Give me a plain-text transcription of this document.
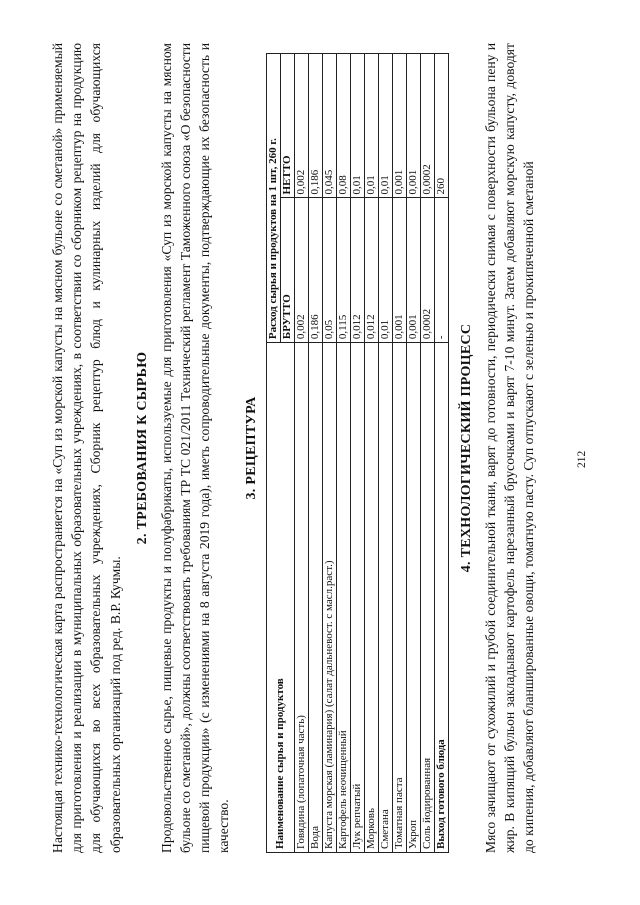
Настоящая технико-технологическая карта распространяется на «Суп из морской капусты на мясном бульоне со сметаной» применяемый для приготовления и реализации в муниципальных образовательных учреждениях, в соответствии со сборником рецептур на продукцию для обучающихся во всех образовательных учреждениях, Сборник рецептур блюд и кулинарных изделий для обучающихся образовательных организаций под ред. В.Р. Кучмы.

2. ТРЕБОВАНИЯ К СЫРЬЮ Продовольственное сырье, пищевые продукты и полуфабрикаты, используемые для приготовления «Суп из морской капусты на мясном бульоне со сметаной», должны соответствовать требованиям ТР ТС 021/2011 Технический регламент Таможенного союза «О безопасности пищевой продукции» (с изменениями на 8 августа 2019 года), иметь сопроводительные документы, подтверждающие их безопасность и качество.

3. РЕЦЕПТУРА
Наименование сырья и продуктов	Расход сырья и продуктов на 1 шт, 260 г.	
	БРУТТО	НЕТТО
Говядина (лопаточная часть)	0,002	0,002
Вода	0,186	0,186
Капуста морская (ламинария) (салат дальневост. с масл.раст.)	0,05	0,045
Картофель неочищенный	0,115	0,08
Лук репчатый	0,012	0,01
Морковь	0,012	0,01
Сметана	0,01	0,01
Томатная паста	0,001	0,001
Укроп	0,001	0,001
Соль йодированная	0,0002	0,0002
Выход готового блюда	-	260
4. ТЕХНОЛОГИЧЕСКИЙ ПРОЦЕСС Мясо зачищают от сухожилий и грубой соединительной ткани, варят до готовности, периодически снимая с поверхности бульона пену и жир. В кипящий бульон закладывают картофель нарезанный брусочками и варят 7-10 минут. Затем добавляют морскую капусту, доводят до кипения, добавляют бланшированные овощи, томатную пасту. Суп отпускают с зеленью и прокипяченной сметаной	212
